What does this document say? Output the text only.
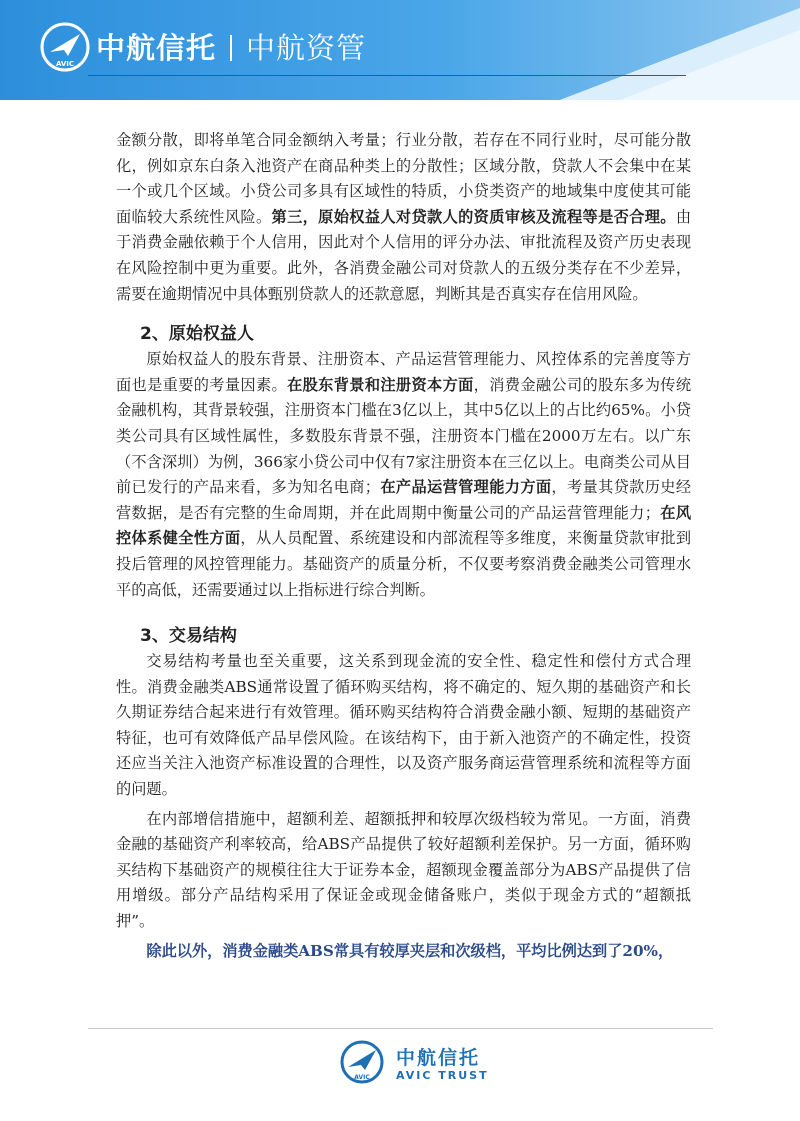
AVIC 中航信托 中航资管

金额分散，即将单笔合同金额纳入考量；行业分散，若存在不同行业时，尽可能分散化，例如京东白条入池资产在商品种类上的分散性；区域分散，贷款人不会集中在某一个或几个区域。小贷公司多具有区域性的特质，小贷类资产的地域集中度使其可能面临较大系统性风险。第三，原始权益人对贷款人的资质审核及流程等是否合理。由于消费金融依赖于个人信用，因此对个人信用的评分办法、审批流程及资产历史表现在风险控制中更为重要。此外，各消费金融公司对贷款人的五级分类存在不少差异，需要在逾期情况中具体甄别贷款人的还款意愿，判断其是否真实存在信用风险。

2、原始权益人

原始权益人的股东背景、注册资本、产品运营管理能力、风控体系的完善度等方面也是重要的考量因素。在股东背景和注册资本方面，消费金融公司的股东多为传统金融机构，其背景较强，注册资本门槛在3亿以上，其中5亿以上的占比约65%。小贷类公司具有区域性属性，多数股东背景不强，注册资本门槛在2000万左右。以广东（不含深圳）为例，366家小贷公司中仅有7家注册资本在三亿以上。电商类公司从目前已发行的产品来看，多为知名电商；在产品运营管理能力方面，考量其贷款历史经营数据，是否有完整的生命周期，并在此周期中衡量公司的产品运营管理能力；在风控体系健全性方面，从人员配置、系统建设和内部流程等多维度，来衡量贷款审批到投后管理的风控管理能力。基础资产的质量分析，不仅要考察消费金融类公司管理水平的高低，还需要通过以上指标进行综合判断。

3、交易结构

交易结构考量也至关重要，这关系到现金流的安全性、稳定性和偿付方式合理性。消费金融类ABS通常设置了循环购买结构，将不确定的、短久期的基础资产和长久期证券结合起来进行有效管理。循环购买结构符合消费金融小额、短期的基础资产特征，也可有效降低产品早偿风险。在该结构下，由于新入池资产的不确定性，投资还应当关注入池资产标准设置的合理性，以及资产服务商运营管理系统和流程等方面的问题。

在内部增信措施中，超额利差、超额抵押和较厚次级档较为常见。一方面，消费金融的基础资产利率较高，给ABS产品提供了较好超额利差保护。另一方面，循环购买结构下基础资产的规模往往大于证券本金，超额现金覆盖部分为ABS产品提供了信用增级。部分产品结构采用了保证金或现金储备账户，类似于现金方式的“超额抵押”。

除此以外，消费金融类ABS常具有较厚夹层和次级档，平均比例达到了20%，

AVIC
中航信托
AVIC TRUST
